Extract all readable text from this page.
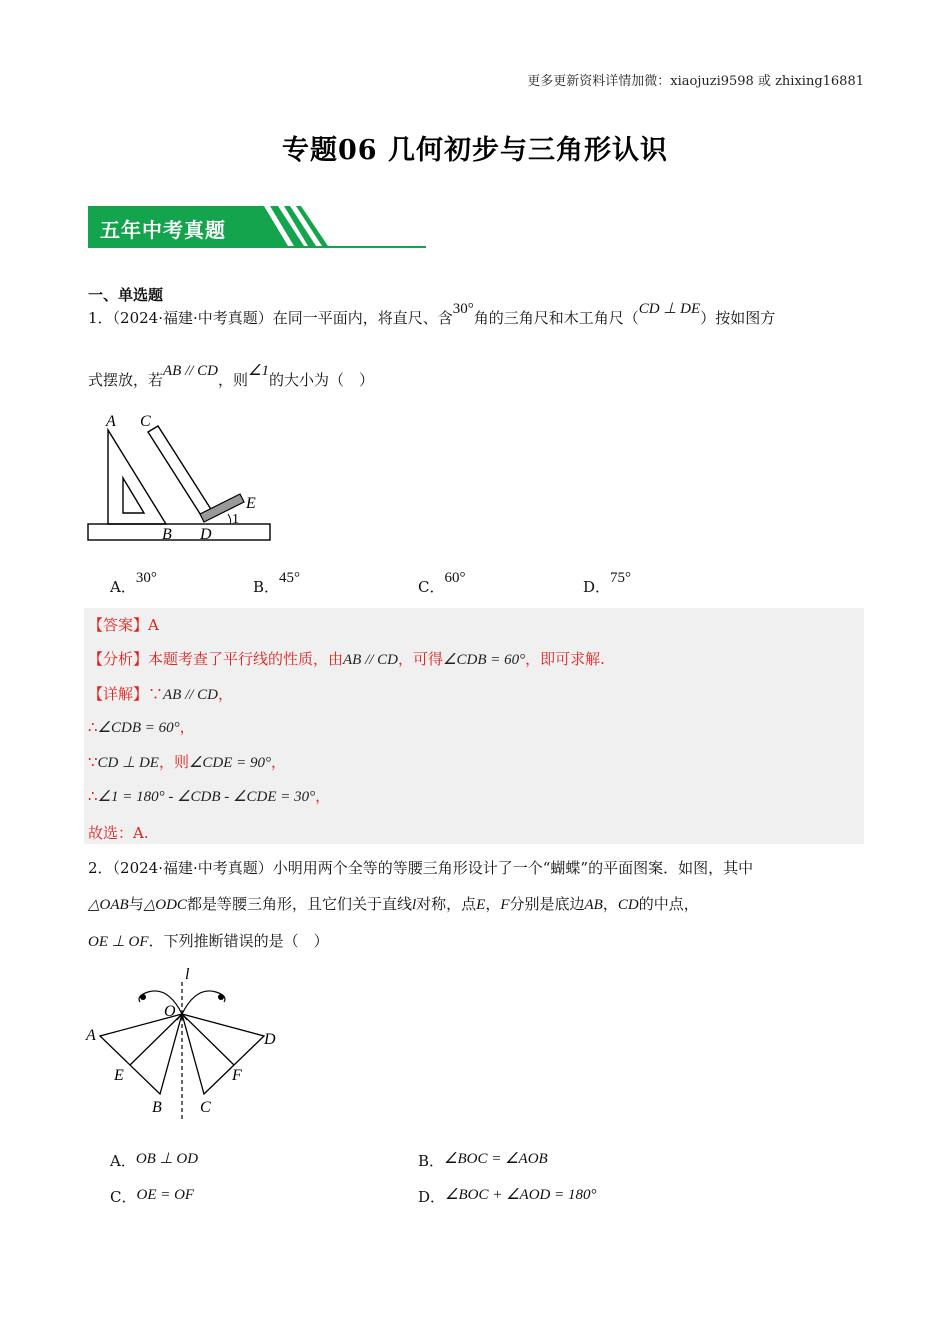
更多更新资料详情加微：xiaojuzi9598 或 zhixing16881
专题06 几何初步与三角形认识
五年中考真题
一、单选题
1．（2024·福建·中考真题）在同一平面内，将直尺、含30°角的三角尺和木工角尺（CD ⊥ DE）按如图方
式摆放，若AB // CD，则∠1的大小为（　）
A C
E
1
B D
A．30°	B．45°	C．60°	D．75°
【答案】A
【分析】本题考查了平行线的性质，由AB // CD，可得∠CDB = 60°，即可求解.
【详解】∵AB // CD，
∴∠CDB = 60°，
∵CD ⊥ DE，则∠CDE = 90°，
∴∠1 = 180° - ∠CDB - ∠CDE = 30°，
故选：A.
2．（2024·福建·中考真题）小明用两个全等的等腰三角形设计了一个“蝴蝶”的平面图案．如图，其中
△OAB与△ODC都是等腰三角形，且它们关于直线l对称，点E，F分别是底边AB，CD的中点，
OE ⊥ OF．下列推断错误的是（　）
l
O
A	D
E	F
B C
A．OB ⊥ OD	B．∠BOC = ∠AOB
C．OE = OF	D．∠BOC + ∠AOD = 180°
